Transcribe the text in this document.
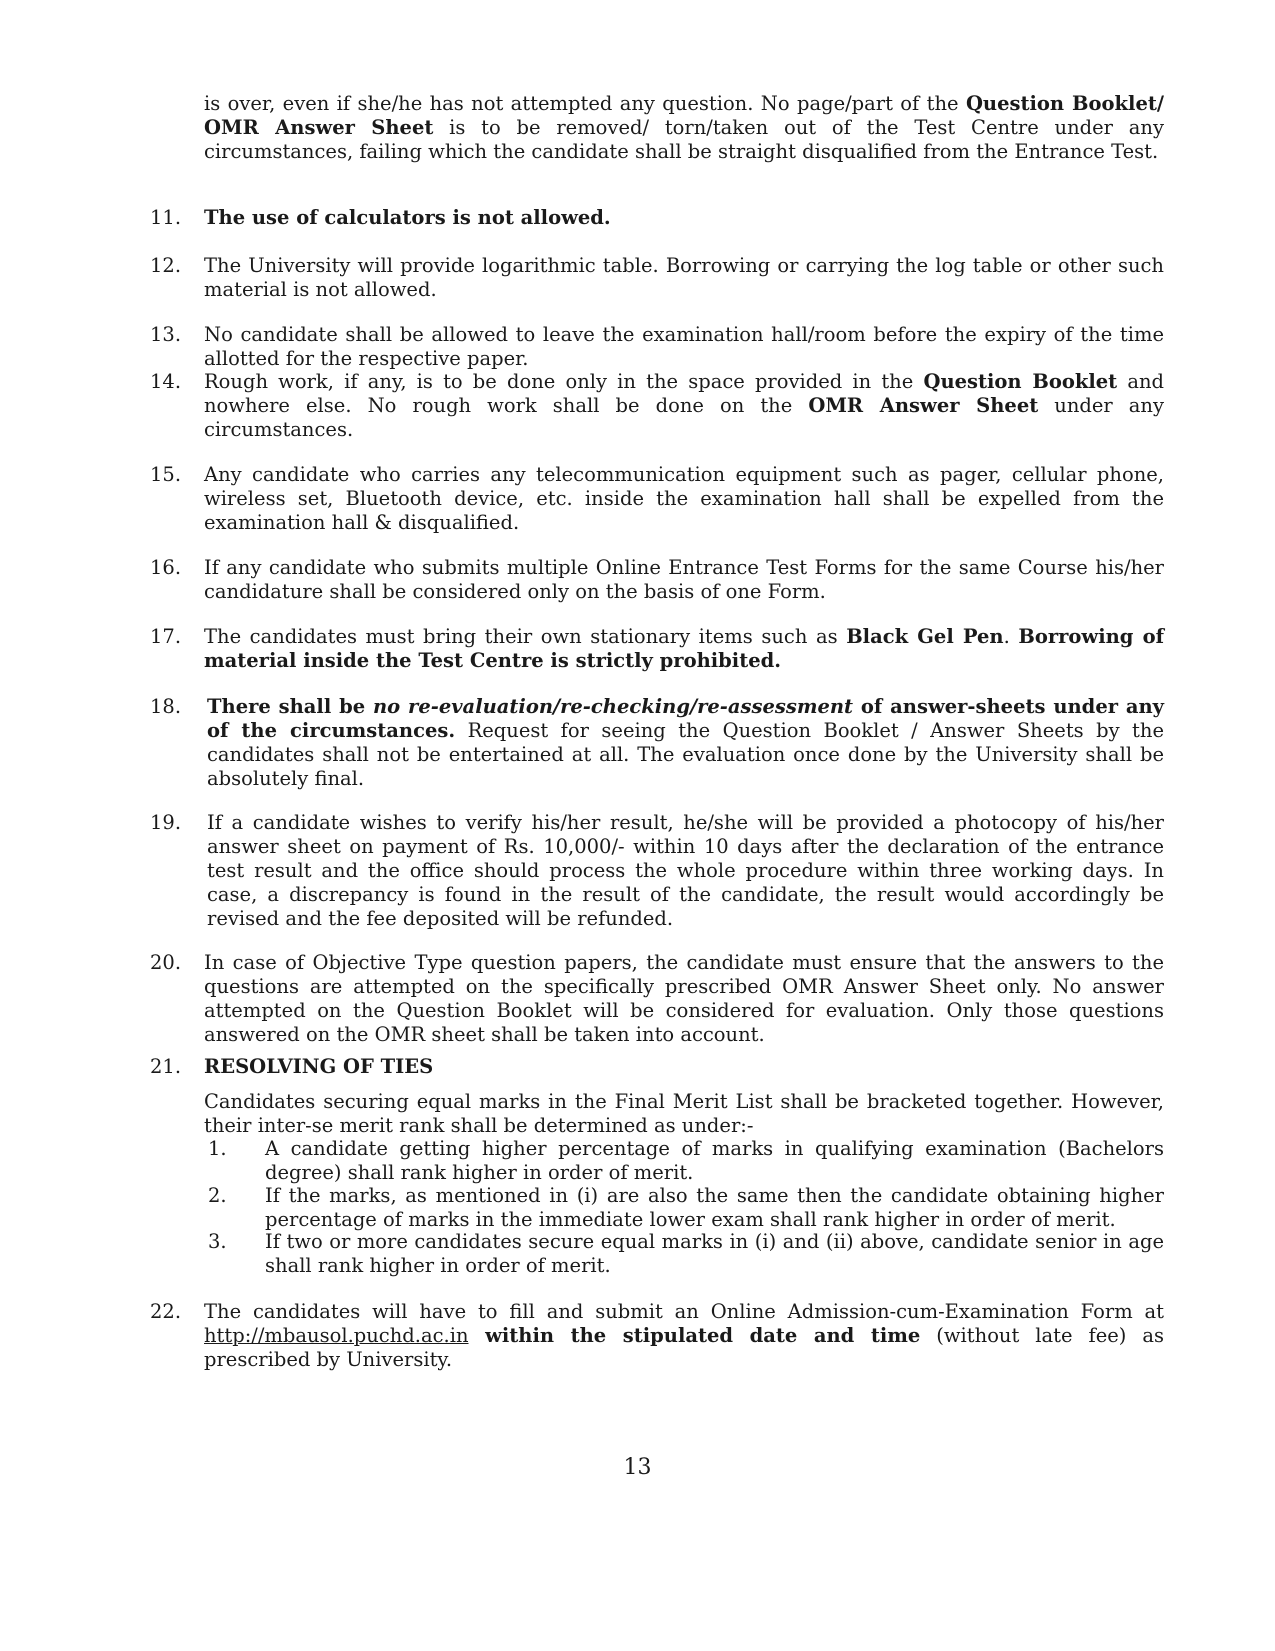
is over, even if she/he has not attempted any question. No page/part of the Question Booklet/ OMR Answer Sheet is to be removed/ torn/taken out of the Test Centre under any circumstances, failing which the candidate shall be straight disqualified from the Entrance Test.

11.	The use of calculators is not allowed.
12.	The University will provide logarithmic table. Borrowing or carrying the log table or other such material is not allowed.
13.	No candidate shall be allowed to leave the examination hall/room before the expiry of the time allotted for the respective paper.
14.	Rough work, if any, is to be done only in the space provided in the Question Booklet and nowhere else. No rough work shall be done on the OMR Answer Sheet under any circumstances.
15.	Any candidate who carries any telecommunication equipment such as pager, cellular phone, wireless set, Bluetooth device, etc. inside the examination hall shall be expelled from the examination hall & disqualified.
16.	If any candidate who submits multiple Online Entrance Test Forms for the same Course his/her candidature shall be considered only on the basis of one Form.
17.	The candidates must bring their own stationary items such as Black Gel Pen. Borrowing of material inside the Test Centre is strictly prohibited.
18.	There shall be no re-evaluation/re-checking/re-assessment of answer-sheets under any of the circumstances. Request for seeing the Question Booklet / Answer Sheets by the candidates shall not be entertained at all. The evaluation once done by the University shall be absolutely final.
19.	If a candidate wishes to verify his/her result, he/she will be provided a photocopy of his/her answer sheet on payment of Rs. 10,000/- within 10 days after the declaration of the entrance test result and the office should process the whole procedure within three working days. In case, a discrepancy is found in the result of the candidate, the result would accordingly be revised and the fee deposited will be refunded.
20.	In case of Objective Type question papers, the candidate must ensure that the answers to the questions are attempted on the specifically prescribed OMR Answer Sheet only. No answer attempted on the Question Booklet will be considered for evaluation. Only those questions answered on the OMR sheet shall be taken into account.
21.	RESOLVING OF TIES

Candidates securing equal marks in the Final Merit List shall be bracketed together. However, their inter-se merit rank shall be determined as under:-

1.	A candidate getting higher percentage of marks in qualifying examination (Bachelors degree) shall rank higher in order of merit.
2.	If the marks, as mentioned in (i) are also the same then the candidate obtaining higher percentage of marks in the immediate lower exam shall rank higher in order of merit.
3.	If two or more candidates secure equal marks in (i) and (ii) above, candidate senior in age shall rank higher in order of merit.
22.	The candidates will have to fill and submit an Online Admission-cum-Examination Form at http://mbausol.puchd.ac.in within the stipulated date and time (without late fee) as prescribed by University.
13
